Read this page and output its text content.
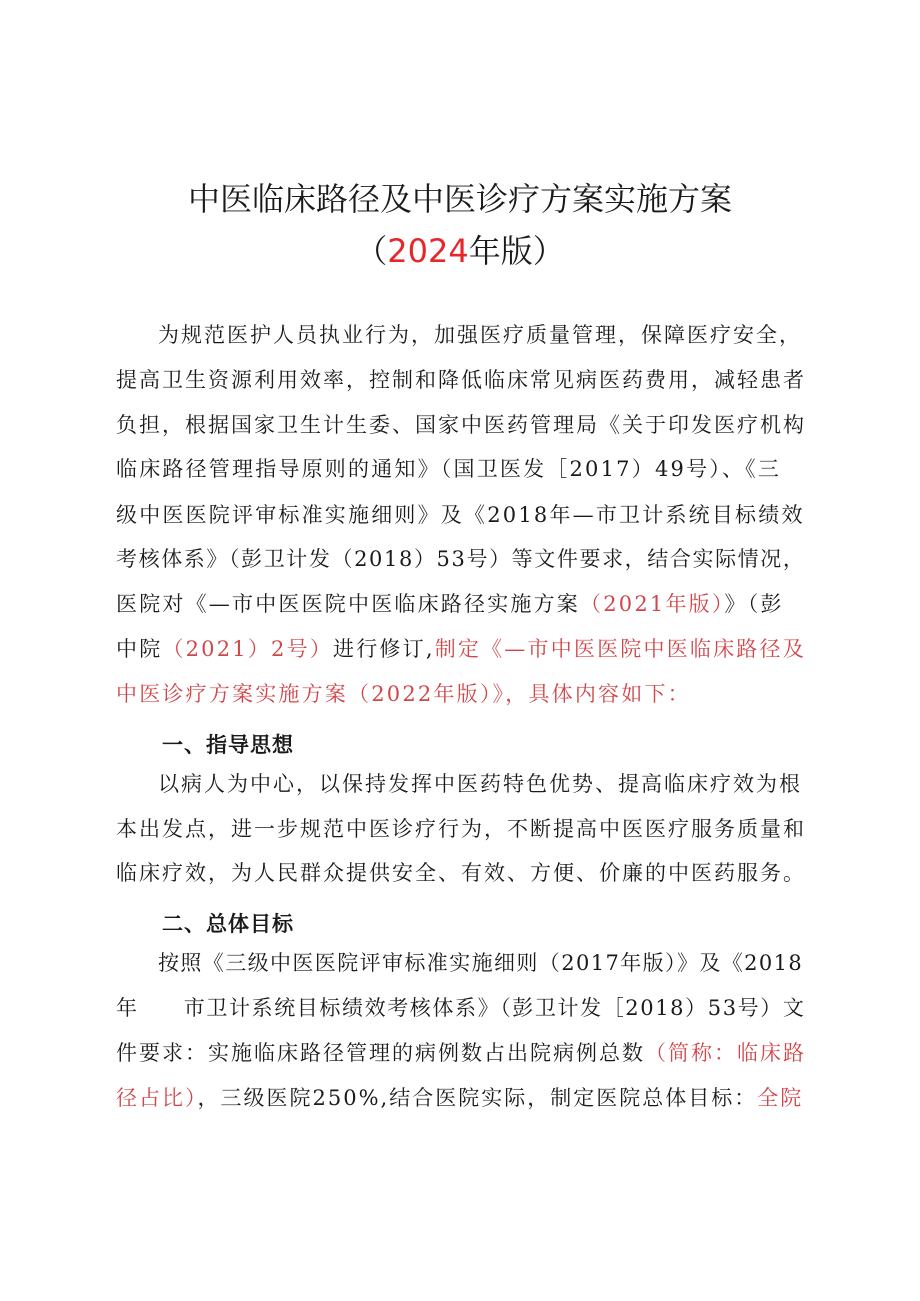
中医临床路径及中医诊疗方案实施方案
（2024年版）
为规范医护人员执业行为，加强医疗质量管理，保障医疗安全，
提高卫生资源利用效率，控制和降低临床常见病医药费用，减轻患者
负担，根据国家卫生计生委、国家中医药管理局《关于印发医疗机构
临床路径管理指导原则的通知》（国卫医发［2017）49号）、《三
级中医医院评审标准实施细则》及《2018年—市卫计系统目标绩效
考核体系》（彭卫计发（2018）53号）等文件要求，结合实际情况，
医院对《—市中医医院中医临床路径实施方案（2021年版）》（彭
中院（2021）2号）进行修订,制定《—市中医医院中医临床路径及
中医诊疗方案实施方案（2022年版）》，具体内容如下：
一、指导思想
以病人为中心，以保持发挥中医药特色优势、提高临床疗效为根
本出发点，进一步规范中医诊疗行为，不断提高中医医疗服务质量和
临床疗效，为人民群众提供安全、有效、方便、价廉的中医药服务。
二、总体目标
按照《三级中医医院评审标准实施细则（2017年版）》及《2018
年　　市卫计系统目标绩效考核体系》（彭卫计发［2018）53号）文
件要求：实施临床路径管理的病例数占出院病例总数（简称：临床路
径占比），三级医院250%,结合医院实际，制定医院总体目标：全院
